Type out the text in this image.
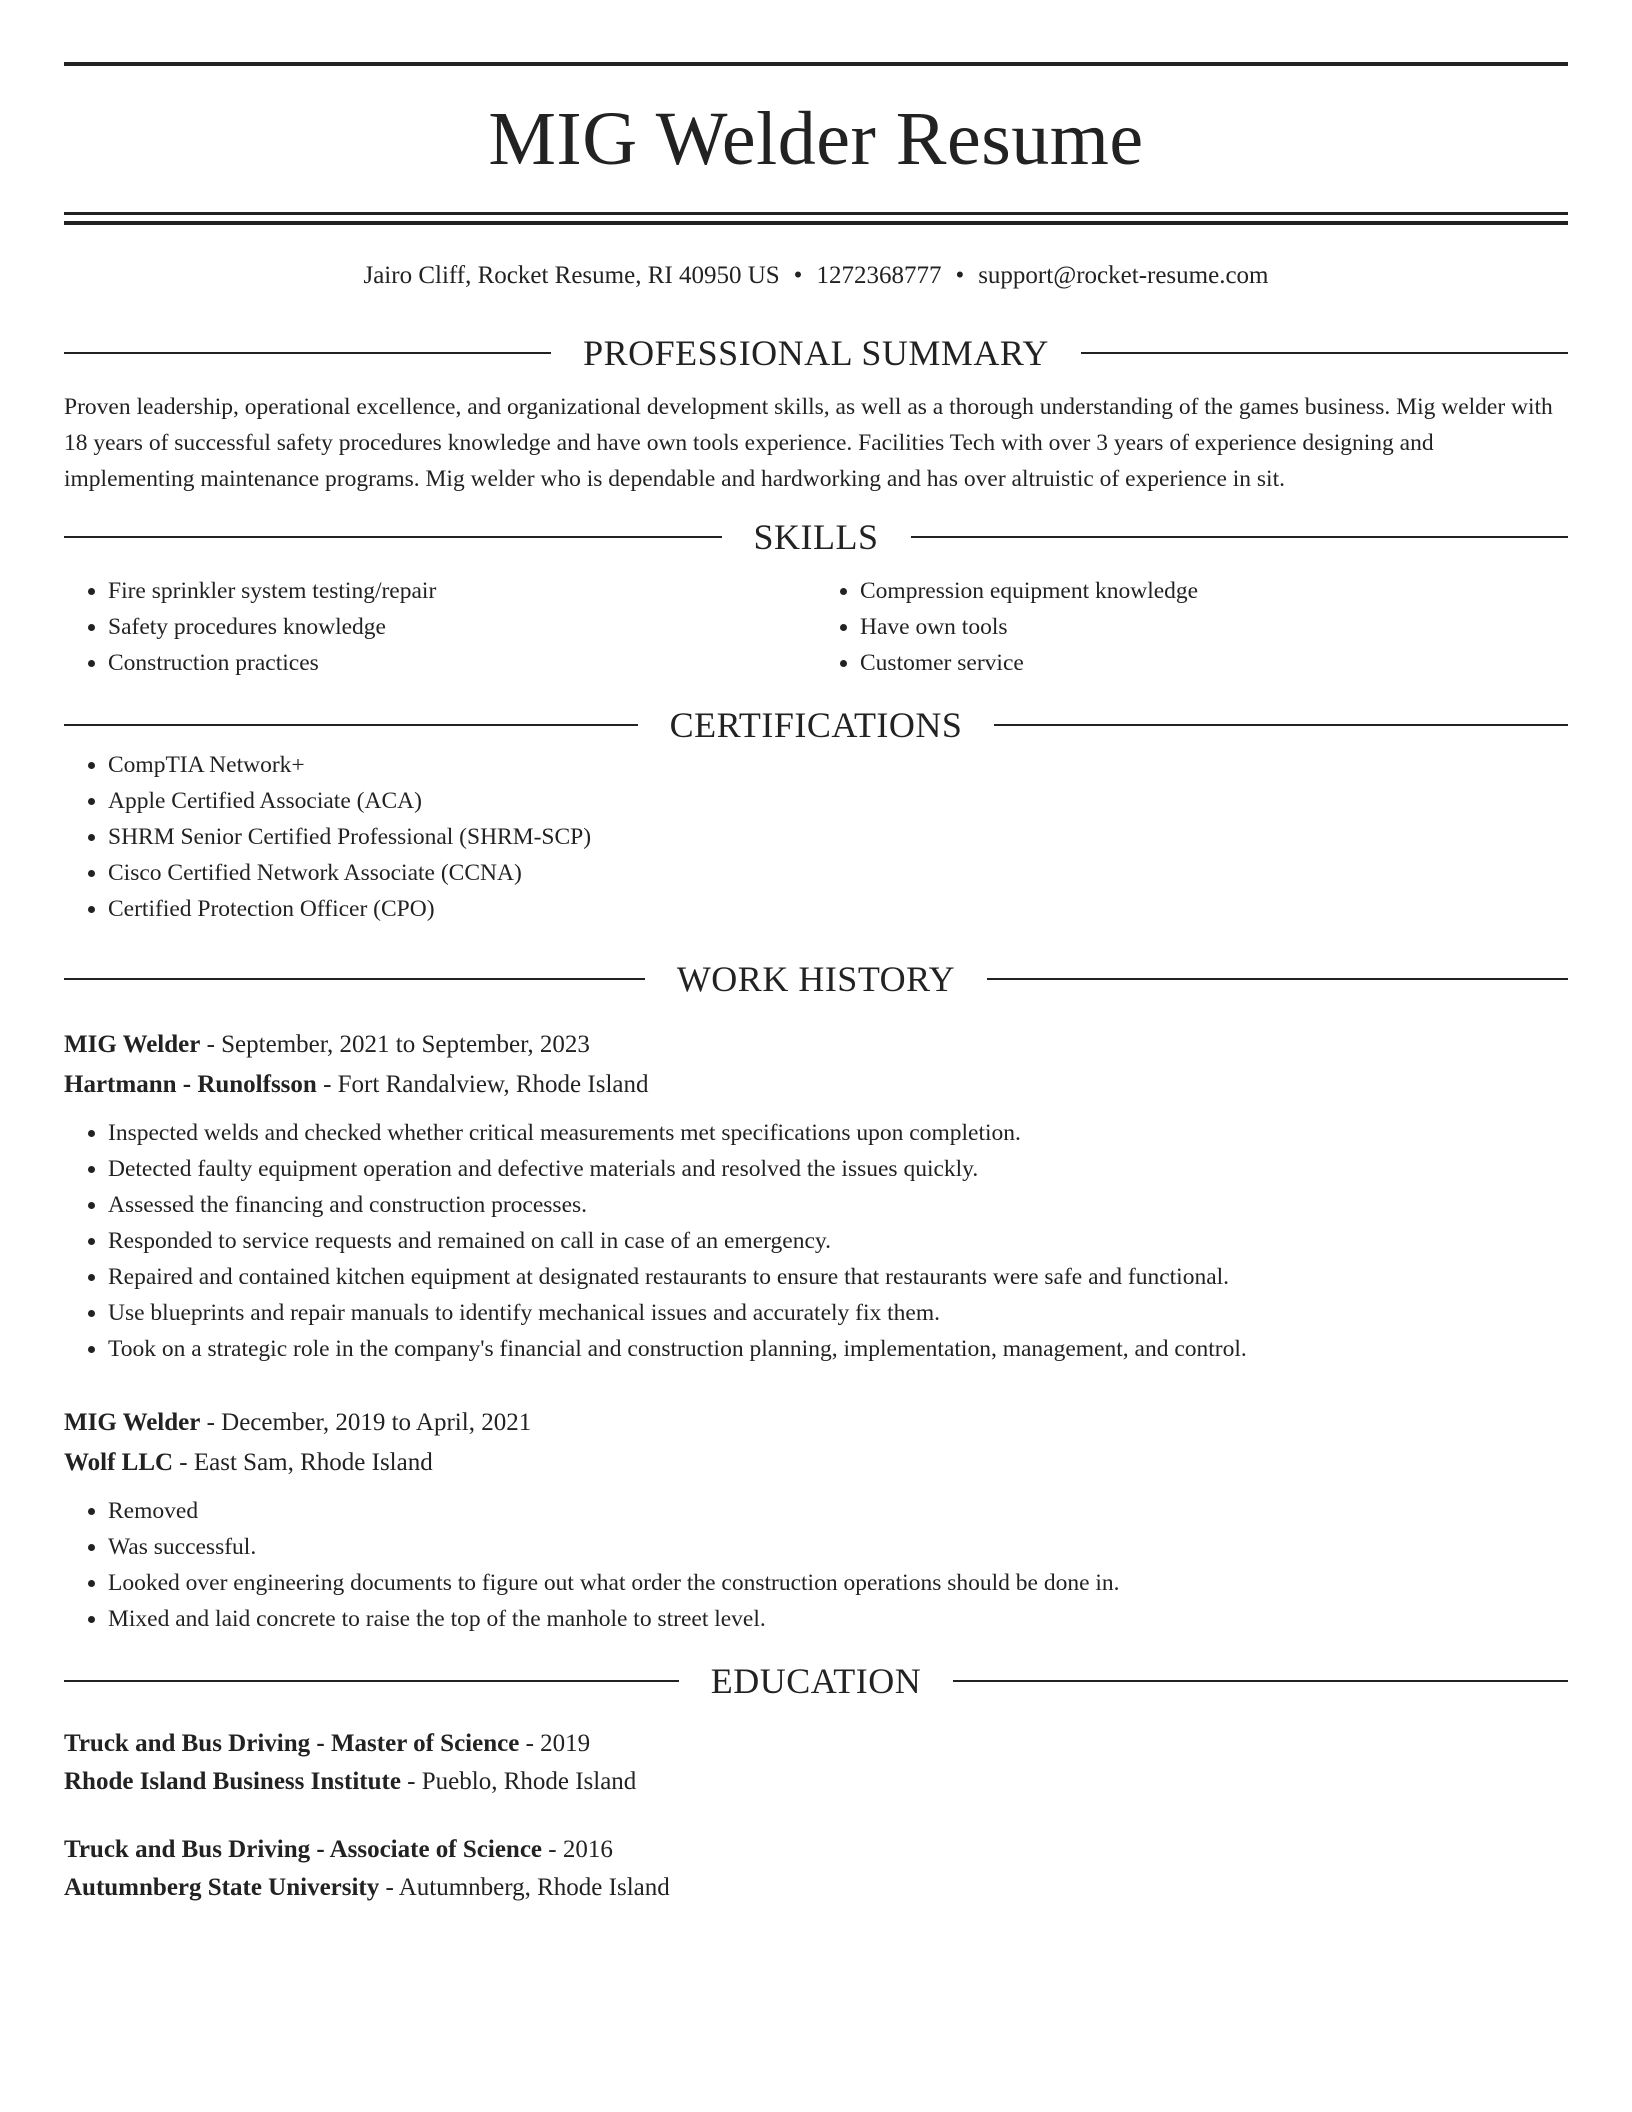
MIG Welder Resume
Jairo Cliff, Rocket Resume, RI 40950 US • 1272368777 • support@rocket-resume.com
PROFESSIONAL SUMMARY

Proven leadership, operational excellence, and organizational development skills, as well as a thorough understanding of the games business. Mig welder with 18 years of successful safety procedures knowledge and have own tools experience. Facilities Tech with over 3 years of experience designing and implementing maintenance programs. Mig welder who is dependable and hardworking and has over altruistic of experience in sit.

SKILLS
• Fire sprinkler system testing/repair
• Safety procedures knowledge
• Construction practices
• Compression equipment knowledge
• Have own tools
• Customer service
CERTIFICATIONS
• CompTIA Network+
• Apple Certified Associate (ACA)
• SHRM Senior Certified Professional (SHRM-SCP)
• Cisco Certified Network Associate (CCNA)
• Certified Protection Officer (CPO)
WORK HISTORY
MIG Welder - September, 2021 to September, 2023
Hartmann - Runolfsson - Fort Randalview, Rhode Island
• Inspected welds and checked whether critical measurements met specifications upon completion.
• Detected faulty equipment operation and defective materials and resolved the issues quickly.
• Assessed the financing and construction processes.
• Responded to service requests and remained on call in case of an emergency.
• Repaired and contained kitchen equipment at designated restaurants to ensure that restaurants were safe and functional.
• Use blueprints and repair manuals to identify mechanical issues and accurately fix them.
• Took on a strategic role in the company's financial and construction planning, implementation, management, and control.
MIG Welder - December, 2019 to April, 2021
Wolf LLC - East Sam, Rhode Island
• Removed
• Was successful.
• Looked over engineering documents to figure out what order the construction operations should be done in.
• Mixed and laid concrete to raise the top of the manhole to street level.
EDUCATION
Truck and Bus Driving - Master of Science - 2019
Rhode Island Business Institute - Pueblo, Rhode Island
Truck and Bus Driving - Associate of Science - 2016
Autumnberg State University - Autumnberg, Rhode Island
